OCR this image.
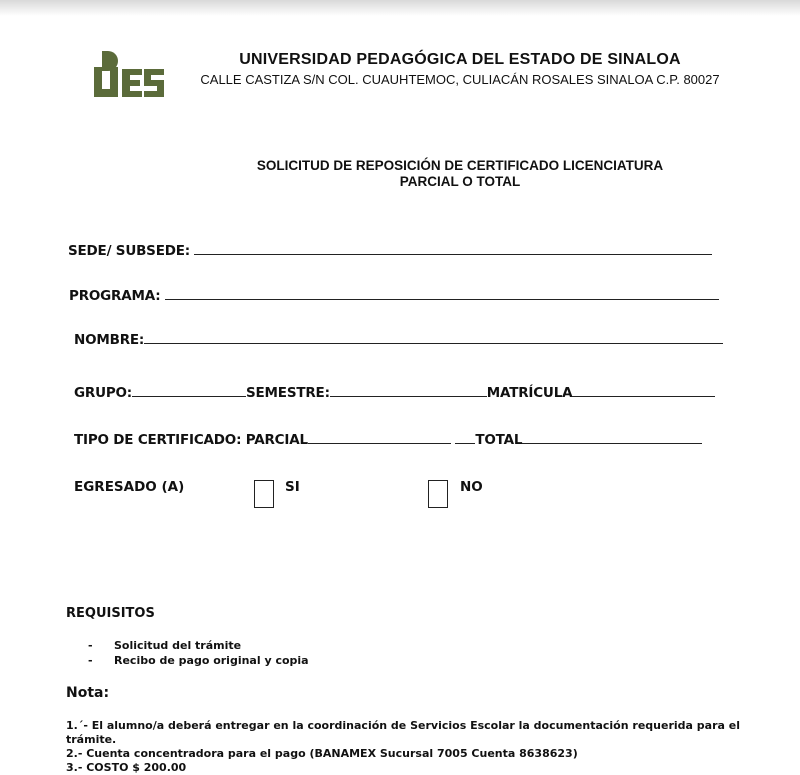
UNIVERSIDAD PEDAGÓGICA DEL ESTADO DE SINALOA
CALLE CASTIZA S/N COL. CUAUHTEMOC, CULIACÁN ROSALES SINALOA C.P. 80027
SOLICITUD DE REPOSICIÓN DE CERTIFICADO LICENCIATURA
PARCIAL O TOTAL
SEDE/ SUBSEDE:
PROGRAMA:
NOMBRE:
GRUPO:	SEMESTRE:	MATRÍCULA
TIPO DE CERTIFICADO: PARCIAL	TOTAL
EGRESADO (A)	SI	NO
REQUISITOS
- Solicitud del trámite
- Recibo de pago original y copia
Nota:

1.´- El alumno/a deberá entregar en la coordinación de Servicios Escolar la documentación requerida para el trámite.

2.- Cuenta concentradora para el pago (BANAMEX Sucursal 7005 Cuenta 8638623)

3.- COSTO $ 200.00
